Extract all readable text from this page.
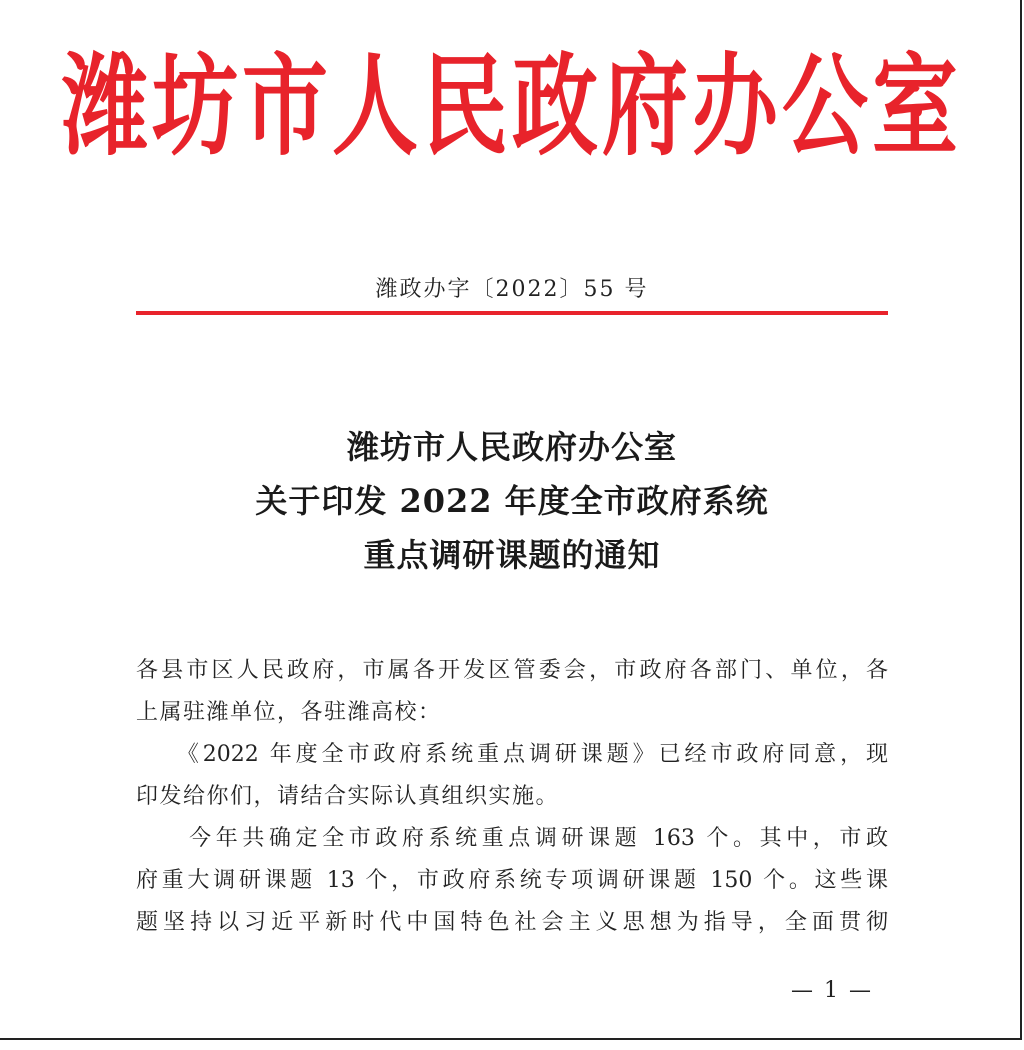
潍坊市人民政府办公室
潍政办字〔2022〕55 号
潍坊市人民政府办公室
关于印发 2022 年度全市政府系统
重点调研课题的通知
各县市区人民政府，市属各开发区管委会，市政府各部门、单位，各
上属驻潍单位，各驻潍高校：
　　《2022 年度全市政府系统重点调研课题》已经市政府同意，现
印发给你们，请结合实际认真组织实施。
　　今年共确定全市政府系统重点调研课题 163 个。其中，市政
府重大调研课题 13 个，市政府系统专项调研课题 150 个。这些课
题坚持以习近平新时代中国特色社会主义思想为指导，全面贯彻
— 1 —
